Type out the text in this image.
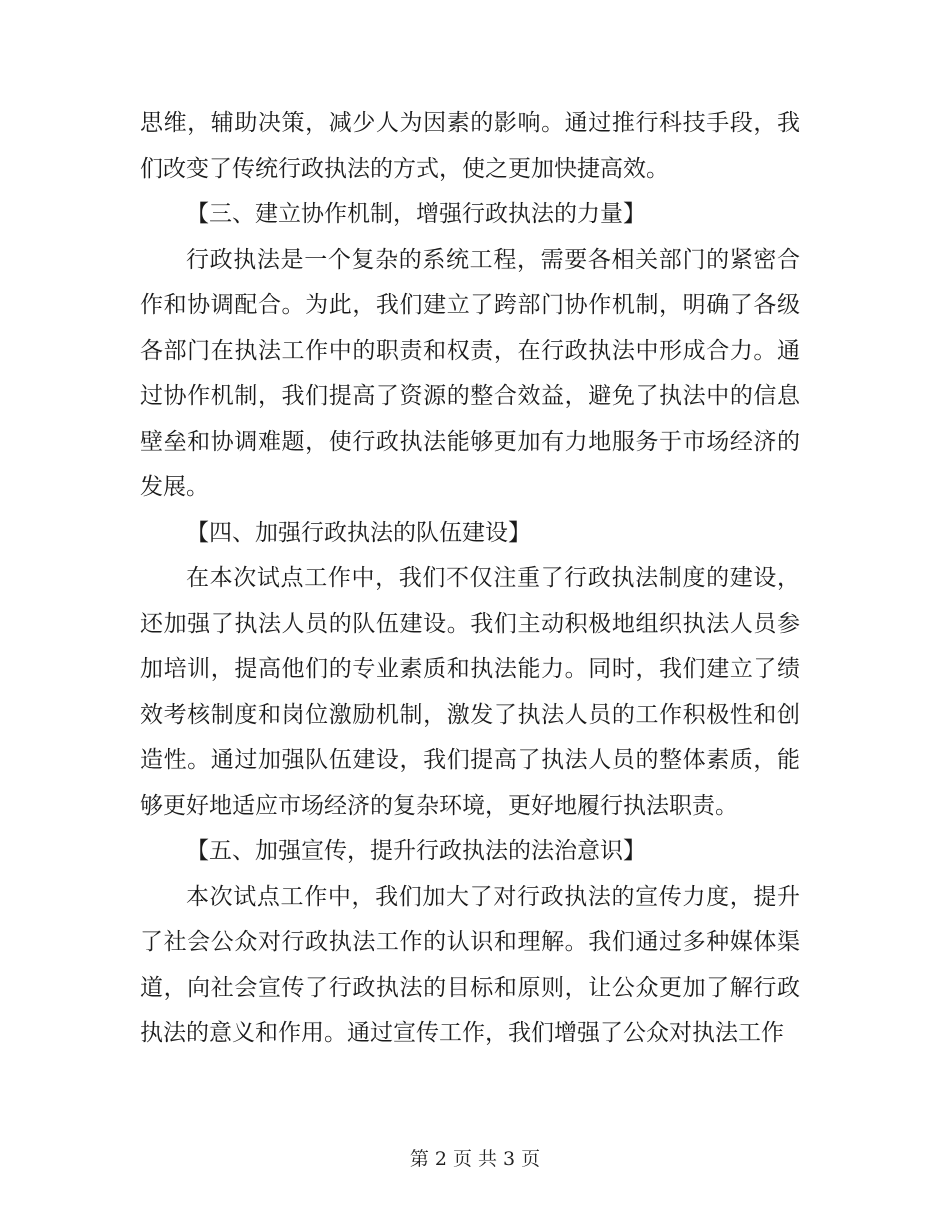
思维，辅助决策，减少人为因素的影响。通过推行科技手段，我们改变了传统行政执法的方式，使之更加快捷高效。

【三、建立协作机制，增强行政执法的力量】

行政执法是一个复杂的系统工程，需要各相关部门的紧密合作和协调配合。为此，我们建立了跨部门协作机制，明确了各级各部门在执法工作中的职责和权责，在行政执法中形成合力。通过协作机制，我们提高了资源的整合效益，避免了执法中的信息壁垒和协调难题，使行政执法能够更加有力地服务于市场经济的发展。

【四、加强行政执法的队伍建设】

在本次试点工作中，我们不仅注重了行政执法制度的建设，还加强了执法人员的队伍建设。我们主动积极地组织执法人员参加培训，提高他们的专业素质和执法能力。同时，我们建立了绩效考核制度和岗位激励机制，激发了执法人员的工作积极性和创造性。通过加强队伍建设，我们提高了执法人员的整体素质，能够更好地适应市场经济的复杂环境，更好地履行执法职责。

【五、加强宣传，提升行政执法的法治意识】

本次试点工作中，我们加大了对行政执法的宣传力度，提升了社会公众对行政执法工作的认识和理解。我们通过多种媒体渠道，向社会宣传了行政执法的目标和原则，让公众更加了解行政执法的意义和作用。通过宣传工作，我们增强了公众对执法工作

第 2 页 共 3 页
